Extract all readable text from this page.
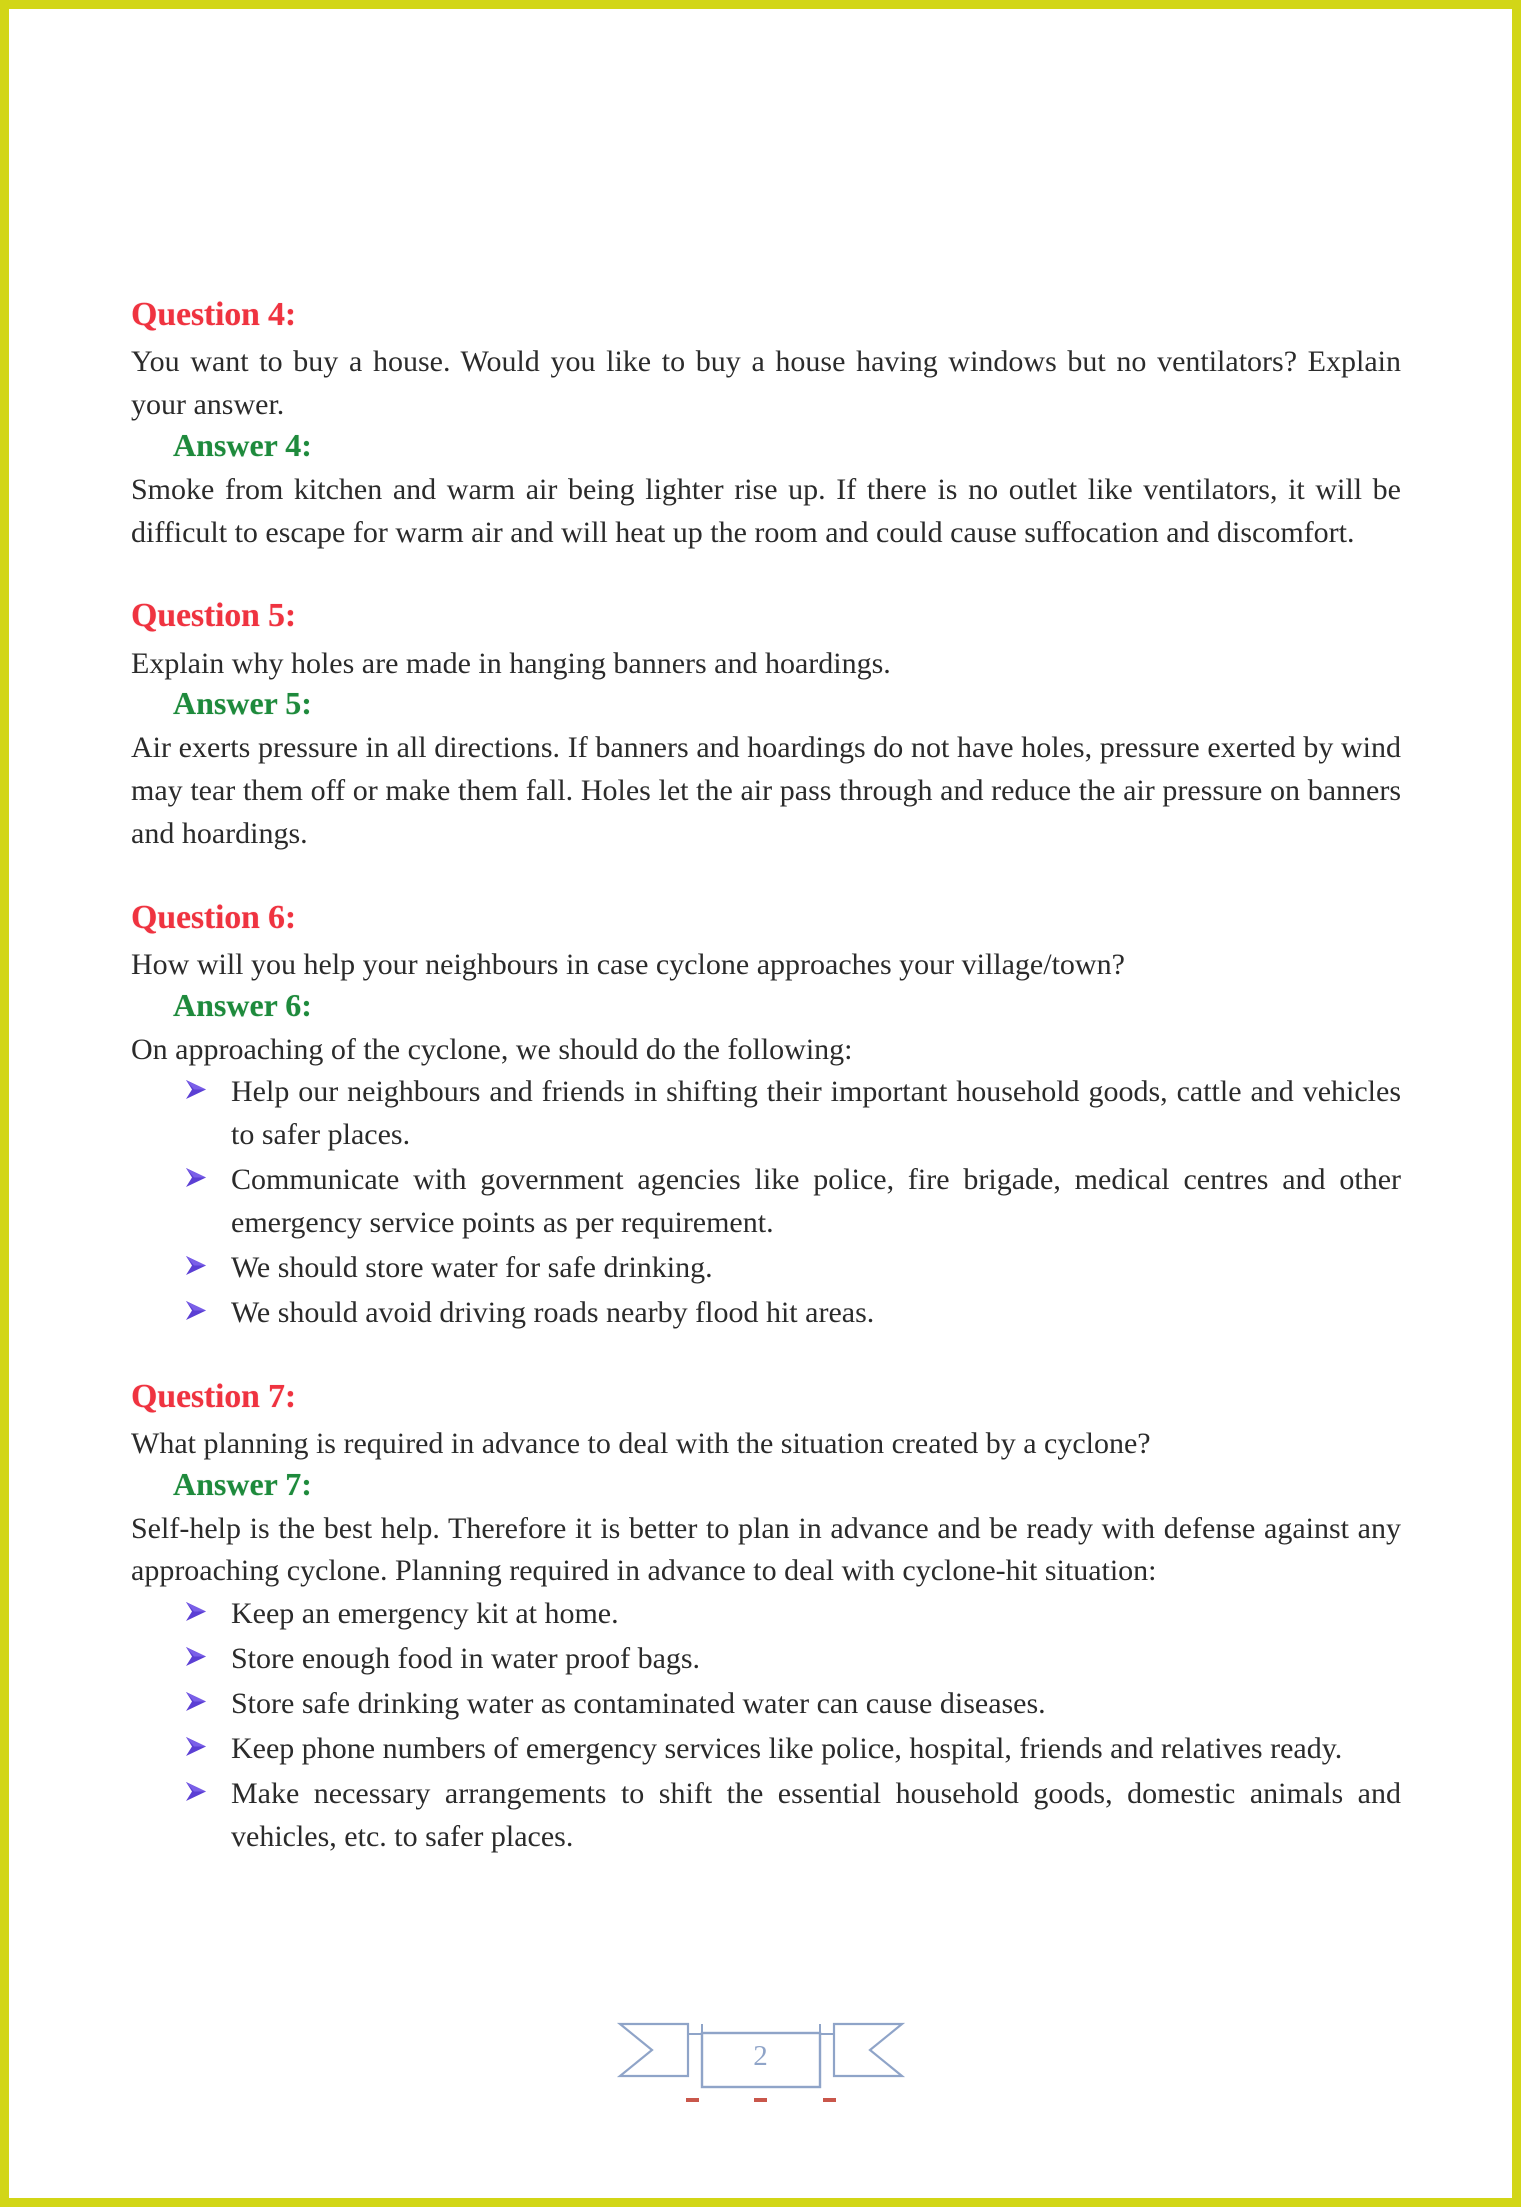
Question 4:

You want to buy a house. Would you like to buy a house having windows but no ventilators? Explain your answer.

Answer 4:

Smoke from kitchen and warm air being lighter rise up. If there is no outlet like ventilators, it will be difficult to escape for warm air and will heat up the room and could cause suffocation and discomfort.

Question 5:

Explain why holes are made in hanging banners and hoardings.

Answer 5:

Air exerts pressure in all directions. If banners and hoardings do not have holes, pressure exerted by wind may tear them off or make them fall. Holes let the air pass through and reduce the air pressure on banners and hoardings.

Question 6:

How will you help your neighbours in case cyclone approaches your village/town?

Answer 6:

On approaching of the cyclone, we should do the following:

Help our neighbours and friends in shifting their important household goods, cattle and vehicles to safer places.
Communicate with government agencies like police, fire brigade, medical centres and other emergency service points as per requirement.
We should store water for safe drinking.
We should avoid driving roads nearby flood hit areas.
Question 7:

What planning is required in advance to deal with the situation created by a cyclone?

Answer 7:

Self-help is the best help. Therefore it is better to plan in advance and be ready with defense against any approaching cyclone. Planning required in advance to deal with cyclone-hit situation:

Keep an emergency kit at home.
Store enough food in water proof bags.
Store safe drinking water as contaminated water can cause diseases.
Keep phone numbers of emergency services like police, hospital, friends and relatives ready.
Make necessary arrangements to shift the essential household goods, domestic animals and vehicles, etc. to safer places.
2
